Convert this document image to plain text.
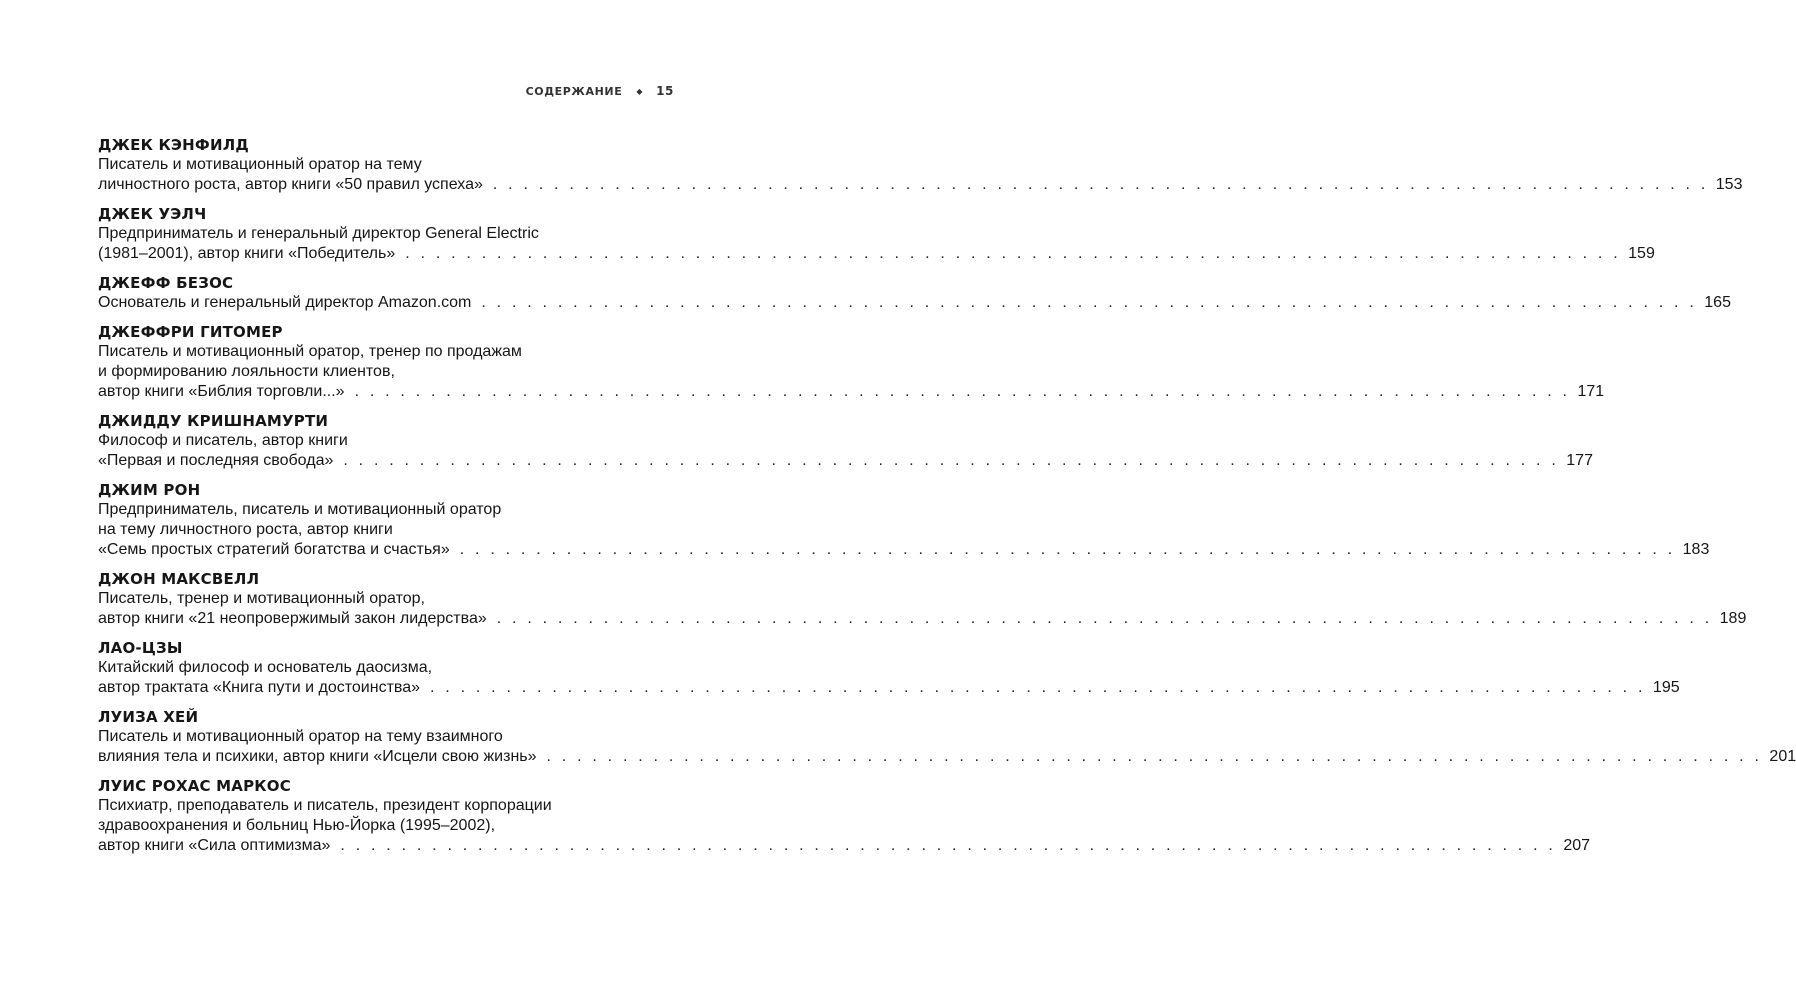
СОДЕРЖАНИЕ ◆ 15
ДЖЕК КЭНФИЛД
Писатель и мотивационный оратор на тему
личностного роста, автор книги «50 правил успеха» . . . . . . . . . . . . . . . . . . . . . . . . . . . . . . . . . . . . . . . . . . . . . . . . . . . . . . . . . . . . . . . . . . . . . . . . . . . . . . . . 153
ДЖЕК УЭЛЧ
Предприниматель и генеральный директор General Electric
(1981–2001), автор книги «Победитель» . . . . . . . . . . . . . . . . . . . . . . . . . . . . . . . . . . . . . . . . . . . . . . . . . . . . . . . . . . . . . . . . . . . . . . . . . . . . . . . . 159
ДЖЕФФ БЕЗОС
Основатель и генеральный директор Amazon.com . . . . . . . . . . . . . . . . . . . . . . . . . . . . . . . . . . . . . . . . . . . . . . . . . . . . . . . . . . . . . . . . . . . . . . . . . . . . . . . . 165
ДЖЕФФРИ ГИТОМЕР
Писатель и мотивационный оратор, тренер по продажам
и формированию лояльности клиентов,
автор книги «Библия торговли...» . . . . . . . . . . . . . . . . . . . . . . . . . . . . . . . . . . . . . . . . . . . . . . . . . . . . . . . . . . . . . . . . . . . . . . . . . . . . . . . . 171
ДЖИДДУ КРИШНАМУРТИ
Философ и писатель, автор книги
«Первая и последняя свобода» . . . . . . . . . . . . . . . . . . . . . . . . . . . . . . . . . . . . . . . . . . . . . . . . . . . . . . . . . . . . . . . . . . . . . . . . . . . . . . . . 177
ДЖИМ РОН
Предприниматель, писатель и мотивационный оратор
на тему личностного роста, автор книги
«Семь простых стратегий богатства и счастья» . . . . . . . . . . . . . . . . . . . . . . . . . . . . . . . . . . . . . . . . . . . . . . . . . . . . . . . . . . . . . . . . . . . . . . . . . . . . . . . . 183
ДЖОН МАКСВЕЛЛ
Писатель, тренер и мотивационный оратор,
автор книги «21 неопровержимый закон лидерства» . . . . . . . . . . . . . . . . . . . . . . . . . . . . . . . . . . . . . . . . . . . . . . . . . . . . . . . . . . . . . . . . . . . . . . . . . . . . . . . . 189
ЛАО-ЦЗЫ
Китайский философ и основатель даосизма,
автор трактата «Книга пути и достоинства» . . . . . . . . . . . . . . . . . . . . . . . . . . . . . . . . . . . . . . . . . . . . . . . . . . . . . . . . . . . . . . . . . . . . . . . . . . . . . . . . 195
ЛУИЗА ХЕЙ
Писатель и мотивационный оратор на тему взаимного
влияния тела и психики, автор книги «Исцели свою жизнь» . . . . . . . . . . . . . . . . . . . . . . . . . . . . . . . . . . . . . . . . . . . . . . . . . . . . . . . . . . . . . . . . . . . . . . . . . . . . . . . . 201
ЛУИС РОХАС МАРКОС
Психиатр, преподаватель и писатель, президент корпорации
здравоохранения и больниц Нью-Йорка (1995–2002),
автор книги «Сила оптимизма» . . . . . . . . . . . . . . . . . . . . . . . . . . . . . . . . . . . . . . . . . . . . . . . . . . . . . . . . . . . . . . . . . . . . . . . . . . . . . . . . 207
